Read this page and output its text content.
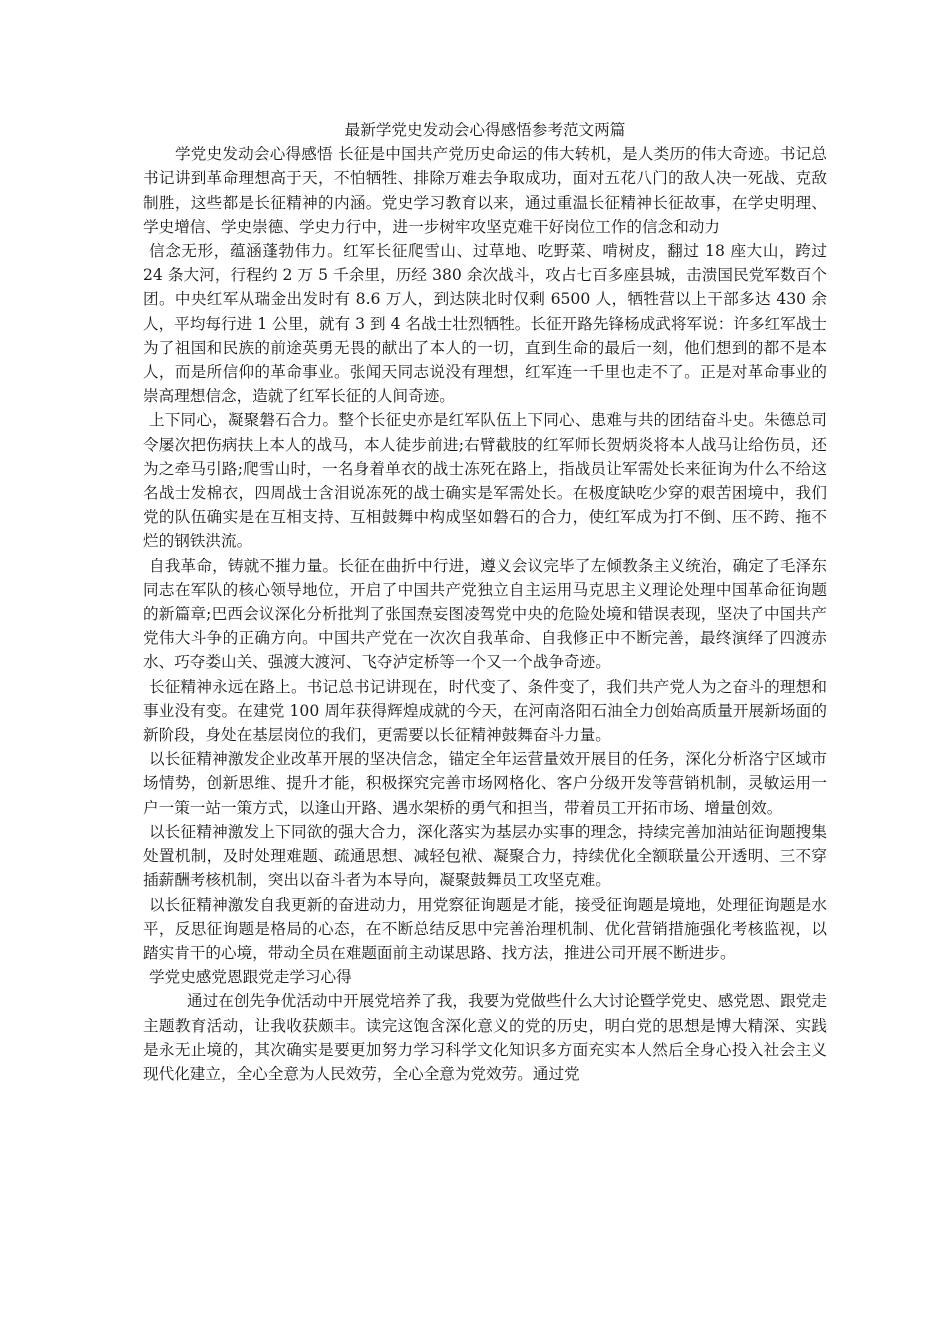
最新学党史发动会心得感悟参考范文两篇

学党史发动会心得感悟 长征是中国共产党历史命运的伟大转机，是人类历的伟大奇迹。书记总书记讲到革命理想高于天，不怕牺牲、排除万难去争取成功，面对五花八门的敌人决一死战、克敌制胜，这些都是长征精神的内涵。党史学习教育以来，通过重温长征精神长征故事，在学史明理、学史增信、学史崇德、学史力行中，进一步树牢攻坚克难干好岗位工作的信念和动力

信念无形，蕴涵蓬勃伟力。红军长征爬雪山、过草地、吃野菜、啃树皮，翻过 18 座大山，跨过 24 条大河，行程约 2 万 5 千余里，历经 380 余次战斗，攻占七百多座县城，击溃国民党军数百个团。中央红军从瑞金出发时有 8.6 万人，到达陕北时仅剩 6500 人，牺牲营以上干部多达 430 余人，平均每行进 1 公里，就有 3 到 4 名战士壮烈牺牲。长征开路先锋杨成武将军说：许多红军战士为了祖国和民族的前途英勇无畏的献出了本人的一切，直到生命的最后一刻，他们想到的都不是本人，而是所信仰的革命事业。张闻天同志说没有理想，红军连一千里也走不了。正是对革命事业的崇高理想信念，造就了红军长征的人间奇迹。

上下同心，凝聚磐石合力。整个长征史亦是红军队伍上下同心、患难与共的团结奋斗史。朱德总司令屡次把伤病扶上本人的战马，本人徒步前进;右臂截肢的红军师长贺炳炎将本人战马让给伤员，还为之牵马引路;爬雪山时，一名身着单衣的战士冻死在路上，指战员让军需处长来征询为什么不给这名战士发棉衣，四周战士含泪说冻死的战士确实是军需处长。在极度缺吃少穿的艰苦困境中，我们党的队伍确实是在互相支持、互相鼓舞中构成坚如磐石的合力，使红军成为打不倒、压不跨、拖不烂的钢铁洪流。

自我革命，铸就不摧力量。长征在曲折中行进，遵义会议完毕了左倾教条主义统治，确定了毛泽东同志在军队的核心领导地位，开启了中国共产党独立自主运用马克思主义理论处理中国革命征询题的新篇章;巴西会议深化分析批判了张国焘妄图凌驾党中央的危险处境和错误表现，坚决了中国共产党伟大斗争的正确方向。中国共产党在一次次自我革命、自我修正中不断完善，最终演绎了四渡赤水、巧夺娄山关、强渡大渡河、飞夺泸定桥等一个又一个战争奇迹。

长征精神永远在路上。书记总书记讲现在，时代变了、条件变了，我们共产党人为之奋斗的理想和事业没有变。在建党 100 周年获得辉煌成就的今天，在河南洛阳石油全力创始高质量开展新场面的新阶段，身处在基层岗位的我们，更需要以长征精神鼓舞奋斗力量。

以长征精神激发企业改革开展的坚决信念，锚定全年运营量效开展目的任务，深化分析洛宁区域市场情势，创新思维、提升才能，积极探究完善市场网格化、客户分级开发等营销机制，灵敏运用一户一策一站一策方式，以逢山开路、遇水架桥的勇气和担当，带着员工开拓市场、增量创效。

以长征精神激发上下同欲的强大合力，深化落实为基层办实事的理念，持续完善加油站征询题搜集处置机制，及时处理难题、疏通思想、减轻包袱、凝聚合力，持续优化全额联量公开透明、三不穿插薪酬考核机制，突出以奋斗者为本导向，凝聚鼓舞员工攻坚克难。

以长征精神激发自我更新的奋进动力，用党察征询题是才能，接受征询题是境地，处理征询题是水平，反思征询题是格局的心态，在不断总结反思中完善治理机制、优化营销措施强化考核监视，以踏实肯干的心境，带动全员在难题面前主动谋思路、找方法，推进公司开展不断进步。

学党史感党恩跟党走学习心得

通过在创先争优活动中开展党培养了我，我要为党做些什么大讨论暨学党史、感党恩、跟党走主题教育活动，让我收获颇丰。读完这饱含深化意义的党的历史，明白党的思想是博大精深、实践是永无止境的，其次确实是要更加努力学习科学文化知识多方面充实本人然后全身心投入社会主义现代化建立，全心全意为人民效劳，全心全意为党效劳。通过党
